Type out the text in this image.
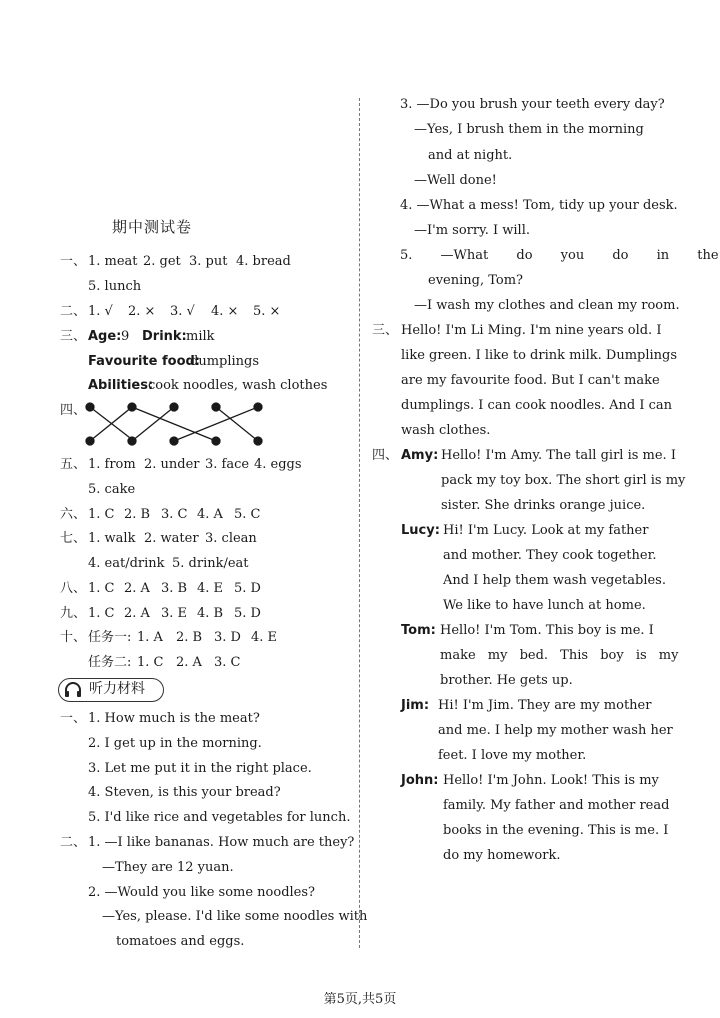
期中测试卷
一、 1. meat 2. get 3. put 4. bread
5. lunch
二、 1. √ 2. × 3. √ 4. × 5. ×
三、 Age: 9 Drink: milk
Favourite food:
dumplings
Abilities:
cook noodles, wash clothes
四、
五、 1. from 2. under 3. face 4. eggs
5. cake
六、 1. C 2. B 3. C 4. A 5. C
七、 1. walk 2. water 3. clean
4. eat/drink 5. drink/eat
八、 1. C 2. A 3. B 4. E 5. D
九、 1. C 2. A 3. E 4. B 5. D
十、 任务一: 1. A 2. B 3. D 4. E
任务二: 1. C 2. A 3. C
听力材料
一、 1. How much is the meat?
2. I get up in the morning.
3. Let me put it in the right place.
4. Steven, is this your bread?
5. I'd like rice and vegetables for lunch.
二、 1. —I like bananas. How much are they?
—They are 12 yuan.
2. —Would you like some noodles?
—Yes, please. I'd like some noodles with
tomatoes and eggs.
3. —Do you brush your teeth every day?
—Yes, I brush them in the morning
and at night.
—Well done!
4. —What a mess! Tom, tidy up your desk.
—I'm sorry. I will.
5. —What do you do in the
evening, Tom?
—I wash my clothes and clean my room.
三、 Hello! I'm Li Ming. I'm nine years old. I
like green. I like to drink milk. Dumplings
are my favourite food. But I can't make
dumplings. I can cook noodles. And I can
wash clothes.
四、 Amy: Hello! I'm Amy. The tall girl is me. I
pack my toy box. The short girl is my
sister. She drinks orange juice.
Lucy: Hi! I'm Lucy. Look at my father
and mother. They cook together.
And I help them wash vegetables.
We like to have lunch at home.
Tom: Hello! I'm Tom. This boy is me. I
make my bed. This boy is my
brother. He gets up.
Jim: Hi! I'm Jim. They are my mother
and me. I help my mother wash her
feet. I love my mother.
John: Hello! I'm John. Look! This is my
family. My father and mother read
books in the evening. This is me. I
do my homework.
第5页,共5页
